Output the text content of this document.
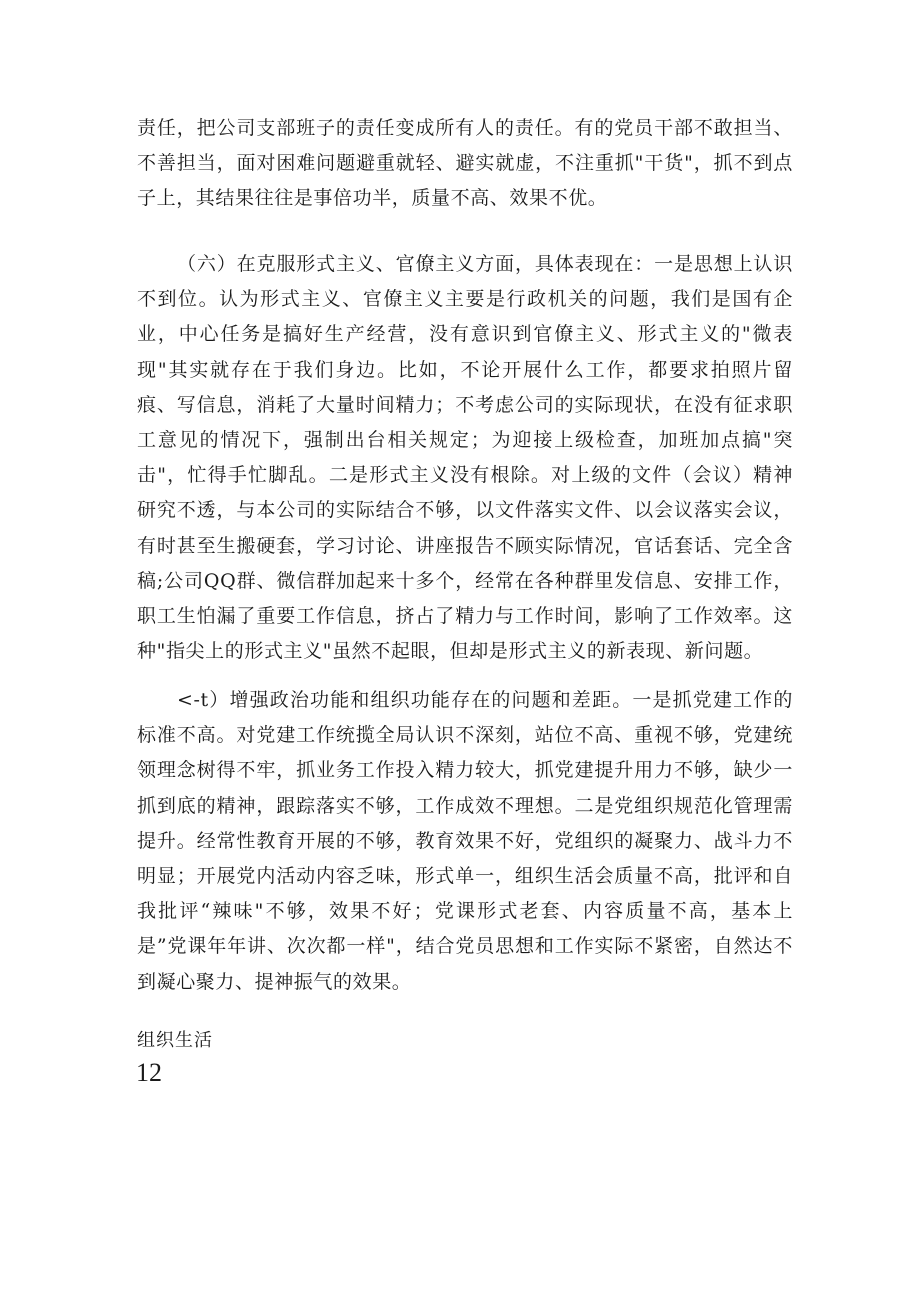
责任，把公司支部班子的责任变成所有人的责任。有的党员干部不敢担当、不善担当，面对困难问题避重就轻、避实就虚，不注重抓"干货"，抓不到点子上，其结果往往是事倍功半，质量不高、效果不优。

（六）在克服形式主义、官僚主义方面，具体表现在：一是思想上认识不到位。认为形式主义、官僚主义主要是行政机关的问题，我们是国有企业，中心任务是搞好生产经营，没有意识到官僚主义、形式主义的"微表现"其实就存在于我们身边。比如，不论开展什么工作，都要求拍照片留痕、写信息，消耗了大量时间精力；不考虑公司的实际现状，在没有征求职工意见的情况下，强制出台相关规定；为迎接上级检查，加班加点搞"突击"，忙得手忙脚乱。二是形式主义没有根除。对上级的文件（会议）精神研究不透，与本公司的实际结合不够，以文件落实文件、以会议落实会议，有时甚至生搬硬套，学习讨论、讲座报告不顾实际情况，官话套话、完全含稿;公司QQ群、微信群加起来十多个，经常在各种群里发信息、安排工作，职工生怕漏了重要工作信息，挤占了精力与工作时间，影响了工作效率。这种"指尖上的形式主义"虽然不起眼，但却是形式主义的新表现、新问题。

<-t）增强政治功能和组织功能存在的问题和差距。一是抓党建工作的标准不高。对党建工作统揽全局认识不深刻，站位不高、重视不够，党建统领理念树得不牢，抓业务工作投入精力较大，抓党建提升用力不够，缺少一抓到底的精神，跟踪落实不够，工作成效不理想。二是党组织规范化管理需提升。经常性教育开展的不够，教育效果不好，党组织的凝聚力、战斗力不明显；开展党内活动内容乏味，形式单一，组织生活会质量不高，批评和自我批评“辣味"不够，效果不好；党课形式老套、内容质量不高，基本上是”党课年年讲、次次都一样"，结合党员思想和工作实际不紧密，自然达不到凝心聚力、提神振气的效果。

组织生活

12
